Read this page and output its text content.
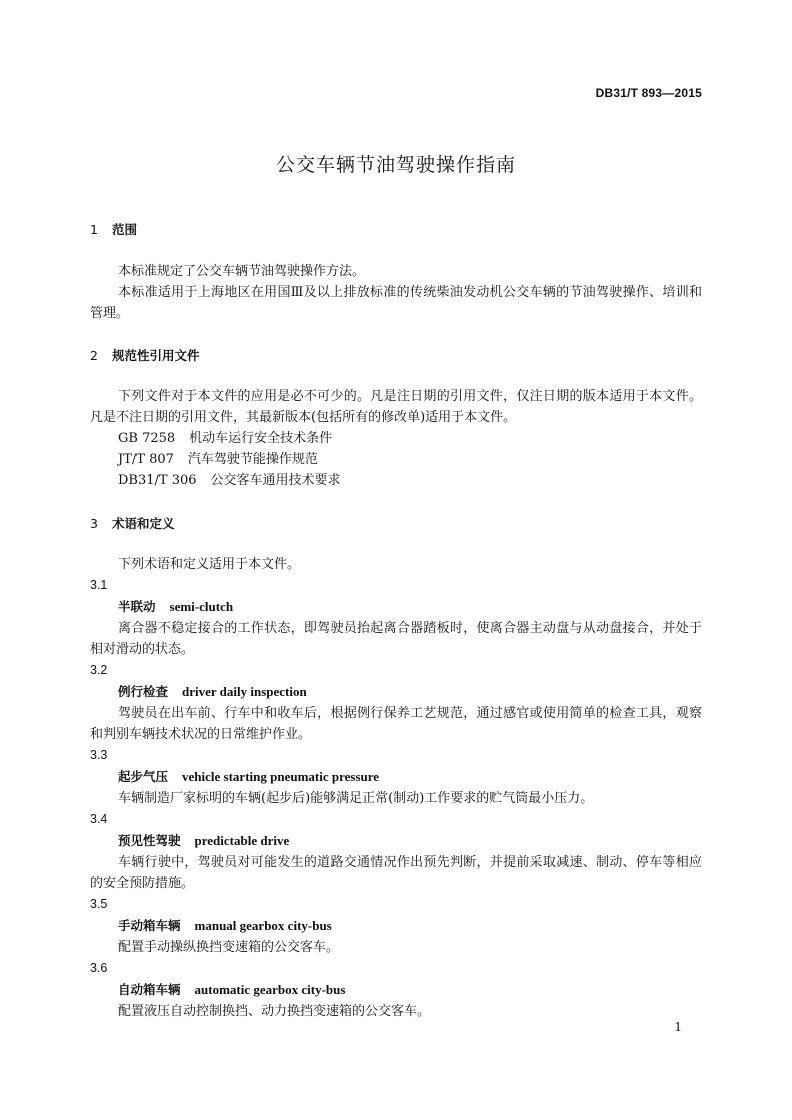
DB31/T 893—2015
公交车辆节油驾驶操作指南
1 范围

本标准规定了公交车辆节油驾驶操作方法。

本标准适用于上海地区在用国Ⅲ及以上排放标准的传统柴油发动机公交车辆的节油驾驶操作、培训和管理。

2 规范性引用文件

下列文件对于本文件的应用是必不可少的。凡是注日期的引用文件，仅注日期的版本适用于本文件。凡是不注日期的引用文件，其最新版本(包括所有的修改单)适用于本文件。

GB 7258 机动车运行安全技术条件

JT/T 807 汽车驾驶节能操作规范

DB31/T 306 公交客车通用技术要求

3 术语和定义

下列术语和定义适用于本文件。

3.1
半联动 semi-clutch

离合器不稳定接合的工作状态，即驾驶员抬起离合器踏板时，使离合器主动盘与从动盘接合，并处于相对滑动的状态。

3.2
例行检查 driver daily inspection

驾驶员在出车前、行车中和收车后，根据例行保养工艺规范，通过感官或使用简单的检查工具，观察和判别车辆技术状况的日常维护作业。

3.3
起步气压 vehicle starting pneumatic pressure

车辆制造厂家标明的车辆(起步后)能够满足正常(制动)工作要求的贮气筒最小压力。

3.4
预见性驾驶 predictable drive

车辆行驶中，驾驶员对可能发生的道路交通情况作出预先判断，并提前采取减速、制动、停车等相应的安全预防措施。

3.5
手动箱车辆 manual gearbox city-bus

配置手动操纵换挡变速箱的公交客车。

3.6
自动箱车辆 automatic gearbox city-bus

配置液压自动控制换挡、动力换挡变速箱的公交客车。

1
